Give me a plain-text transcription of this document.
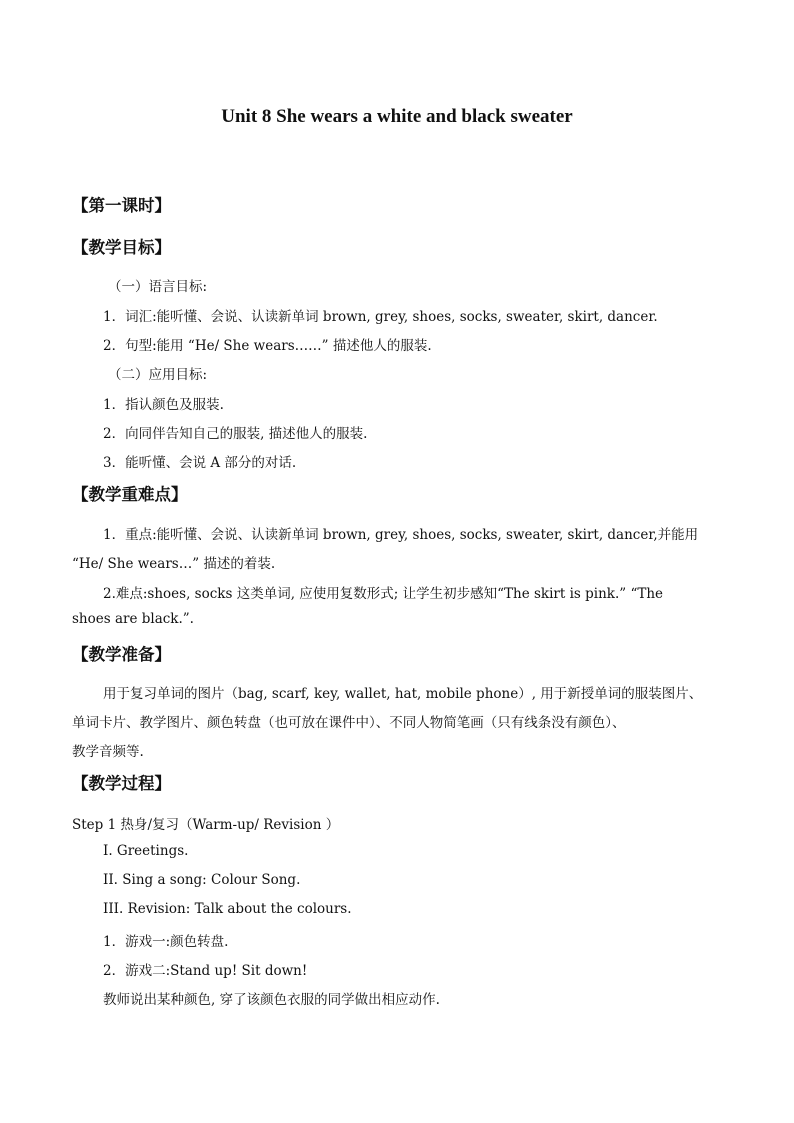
Unit 8 She wears a white and black sweater
【第一课时】
【教学目标】
（一）语言目标:
1．词汇:能听懂、会说、认读新单词 brown, grey, shoes, socks, sweater, skirt, dancer.
2．句型:能用 “He/ She wears……” 描述他人的服装.
（二）应用目标:
1．指认颜色及服装.
2．向同伴告知自己的服装, 描述他人的服装.
3．能听懂、会说 A 部分的对话.
【教学重难点】
1．重点:能听懂、会说、认读新单词 brown, grey, shoes, socks, sweater, skirt, dancer,并能用
“He/ She wears…” 描述的着装.
2.难点:shoes, socks 这类单词, 应使用复数形式; 让学生初步感知“The skirt is pink.” “The
shoes are black.”.
【教学准备】
用于复习单词的图片（bag, scarf, key, wallet, hat, mobile phone）, 用于新授单词的服装图片、
单词卡片、教学图片、颜色转盘（也可放在课件中）、不同人物简笔画（只有线条没有颜色）、
教学音频等.
【教学过程】
Step 1 热身/复习（Warm-up/ Revision ）
I. Greetings.
II. Sing a song: Colour Song.
III. Revision: Talk about the colours.
1．游戏一:颜色转盘.
2．游戏二:Stand up! Sit down!
教师说出某种颜色, 穿了该颜色衣服的同学做出相应动作.
